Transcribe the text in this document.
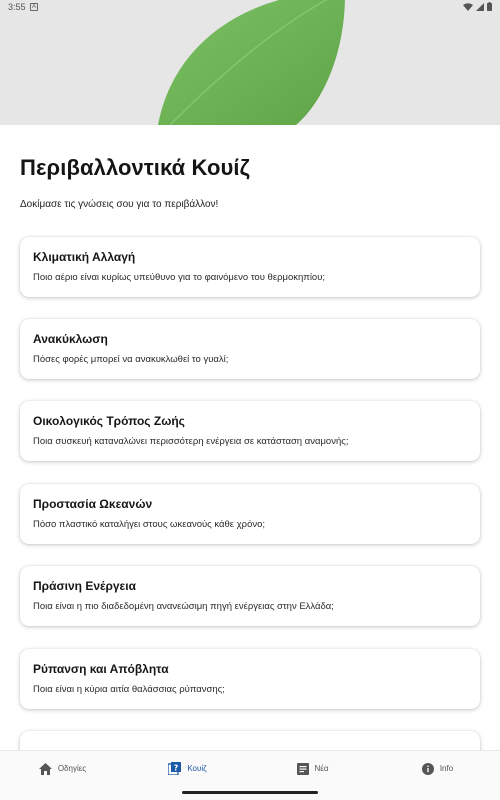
3:55	A
Περιβαλλοντικά Κουίζ

Δοκίμασε τις γνώσεις σου για το περιβάλλον!

Κλιματική Αλλαγή
Ποιο αέριο είναι κυρίως υπεύθυνο για το φαινόμενο του θερμοκηπίου;
Ανακύκλωση
Πόσες φορές μπορεί να ανακυκλωθεί το γυαλί;
Οικολογικός Τρόπος Ζωής
Ποια συσκευή καταναλώνει περισσότερη ενέργεια σε κατάσταση αναμονής;
Προστασία Ωκεανών
Πόσο πλαστικό καταλήγει στους ωκεανούς κάθε χρόνο;
Πράσινη Ενέργεια
Ποια είναι η πιο διαδεδομένη ανανεώσιμη πηγή ενέργειας στην Ελλάδα;
Ρύπανση και Απόβλητα
Ποια είναι η κύρια αιτία θαλάσσιας ρύπανσης;
Οδηγίες	? Κουίζ	Νέα	Info
